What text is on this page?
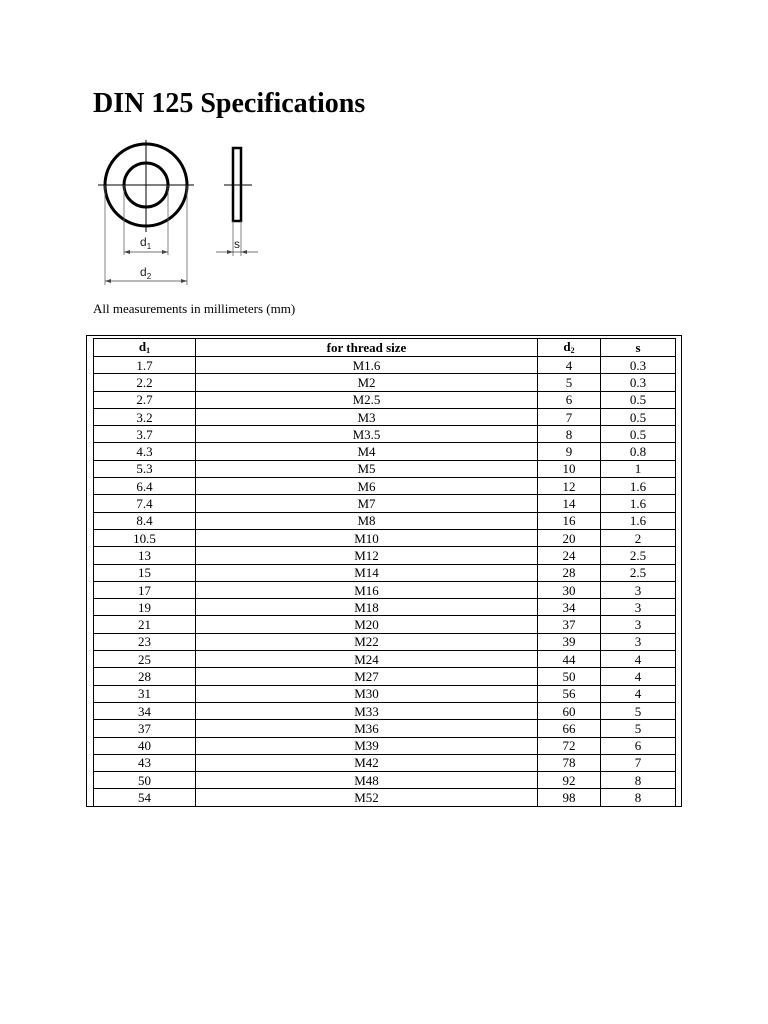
DIN 125 Specifications
$d_1$
$d_2$
s

All measurements in millimeters (mm)

$d_1$	for thread size	$d_2$	s
1.7	M1.6	4	0.3
2.2	M2	5	0.3
2.7	M2.5	6	0.5
3.2	M3	7	0.5
3.7	M3.5	8	0.5
4.3	M4	9	0.8
5.3	M5	10	1
6.4	M6	12	1.6
7.4	M7	14	1.6
8.4	M8	16	1.6
10.5	M10	20	2
13	M12	24	2.5
15	M14	28	2.5
17	M16	30	3
19	M18	34	3
21	M20	37	3
23	M22	39	3
25	M24	44	4
28	M27	50	4
31	M30	56	4
34	M33	60	5
37	M36	66	5
40	M39	72	6
43	M42	78	7
50	M48	92	8
54	M52	98	8
